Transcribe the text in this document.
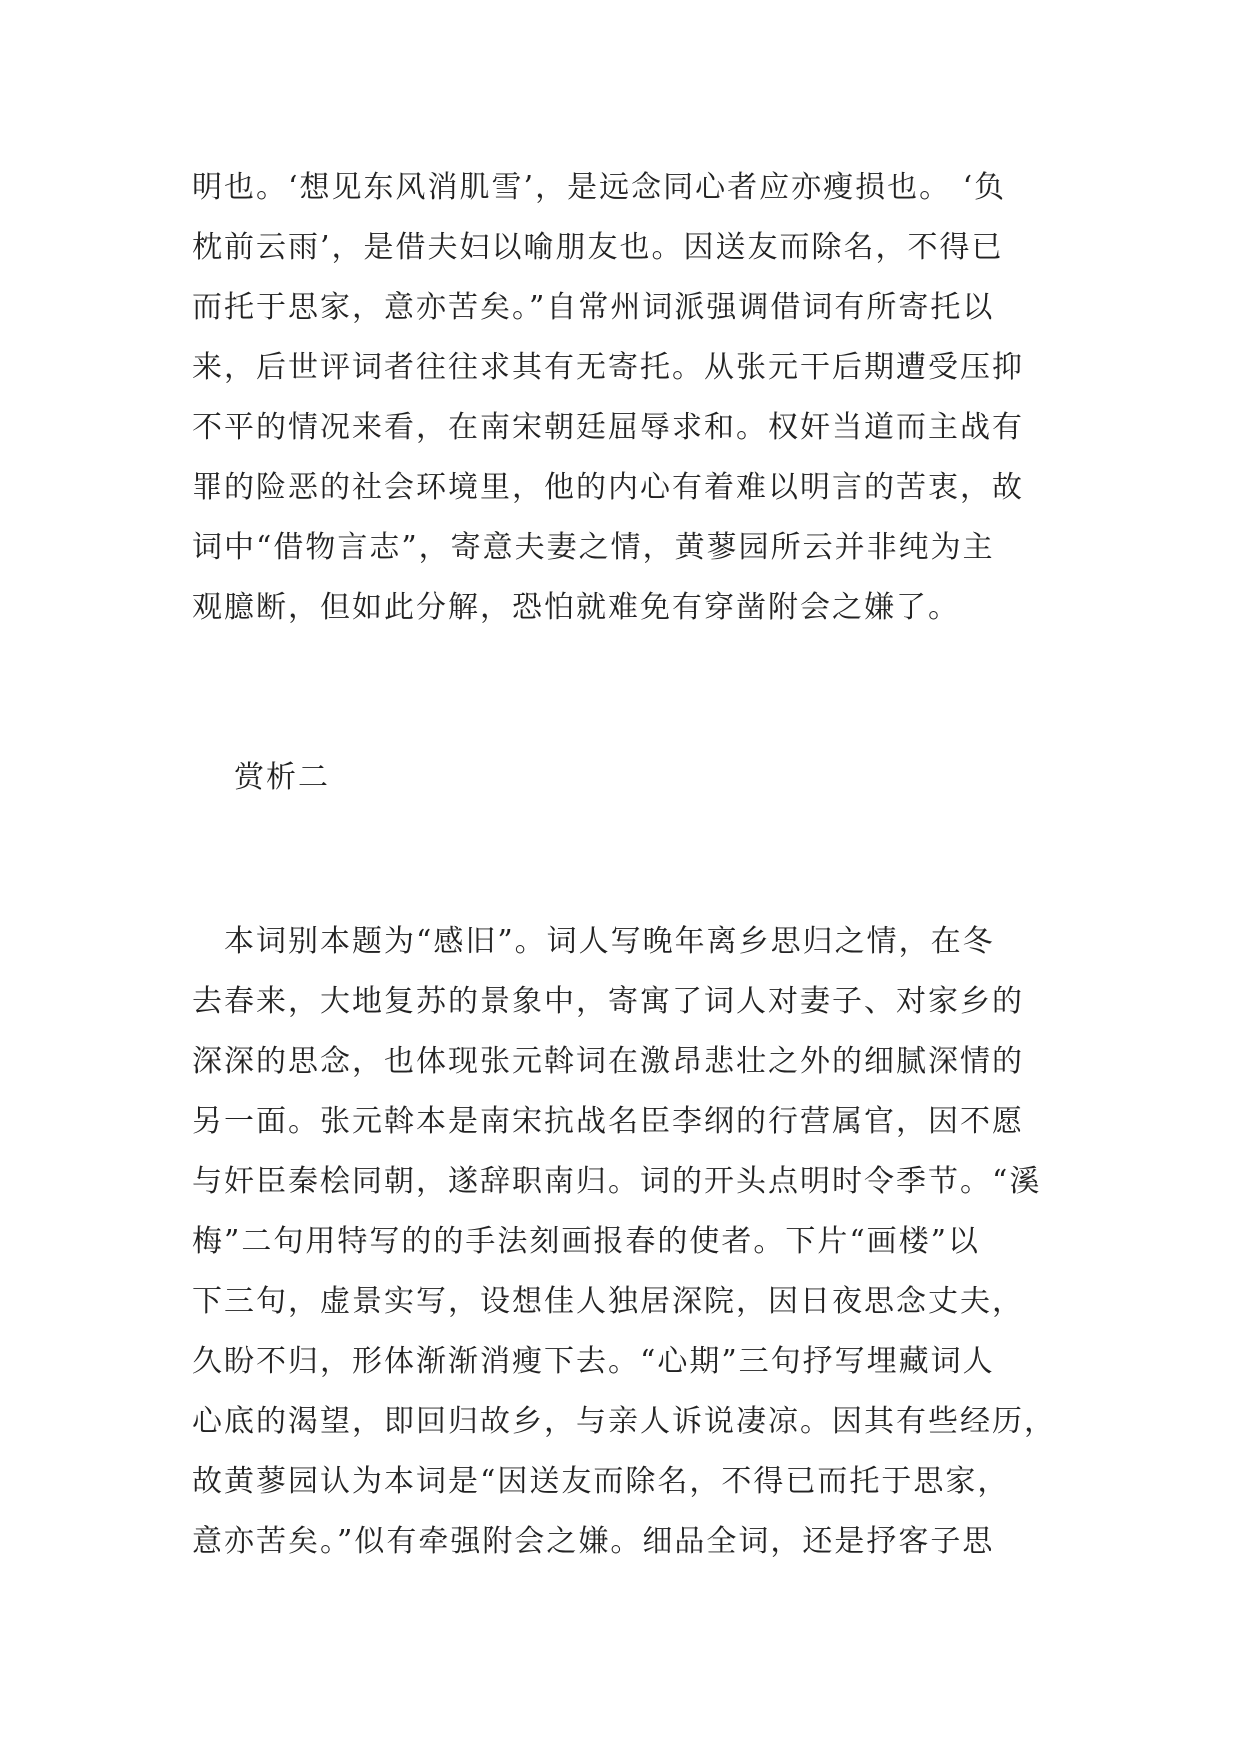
明也。‘想见东风消肌雪’，是远念同心者应亦瘦损也。 ‘负
枕前云雨’，是借夫妇以喻朋友也。因送友而除名，不得已
而托于思家，意亦苦矣。”自常州词派强调借词有所寄托以
来，后世评词者往往求其有无寄托。从张元干后期遭受压抑
不平的情况来看，在南宋朝廷屈辱求和。权奸当道而主战有
罪的险恶的社会环境里，他的内心有着难以明言的苦衷，故
词中“借物言志”，寄意夫妻之情，黄蓼园所云并非纯为主
观臆断，但如此分解，恐怕就难免有穿凿附会之嫌了。
赏析二
　本词别本题为“感旧”。词人写晚年离乡思归之情，在冬
去春来，大地复苏的景象中，寄寓了词人对妻子、对家乡的
深深的思念，也体现张元斡词在激昂悲壮之外的细腻深情的
另一面。张元斡本是南宋抗战名臣李纲的行营属官，因不愿
与奸臣秦桧同朝，遂辞职南归。词的开头点明时令季节。“溪
梅”二句用特写的的手法刻画报春的使者。下片“画楼”以
下三句，虚景实写，设想佳人独居深院，因日夜思念丈夫，
久盼不归，形体渐渐消瘦下去。“心期”三句抒写埋藏词人
心底的渴望，即回归故乡，与亲人诉说凄凉。因其有些经历，
故黄蓼园认为本词是“因送友而除名，不得已而托于思家，
意亦苦矣。”似有牵强附会之嫌。细品全词，还是抒客子思
